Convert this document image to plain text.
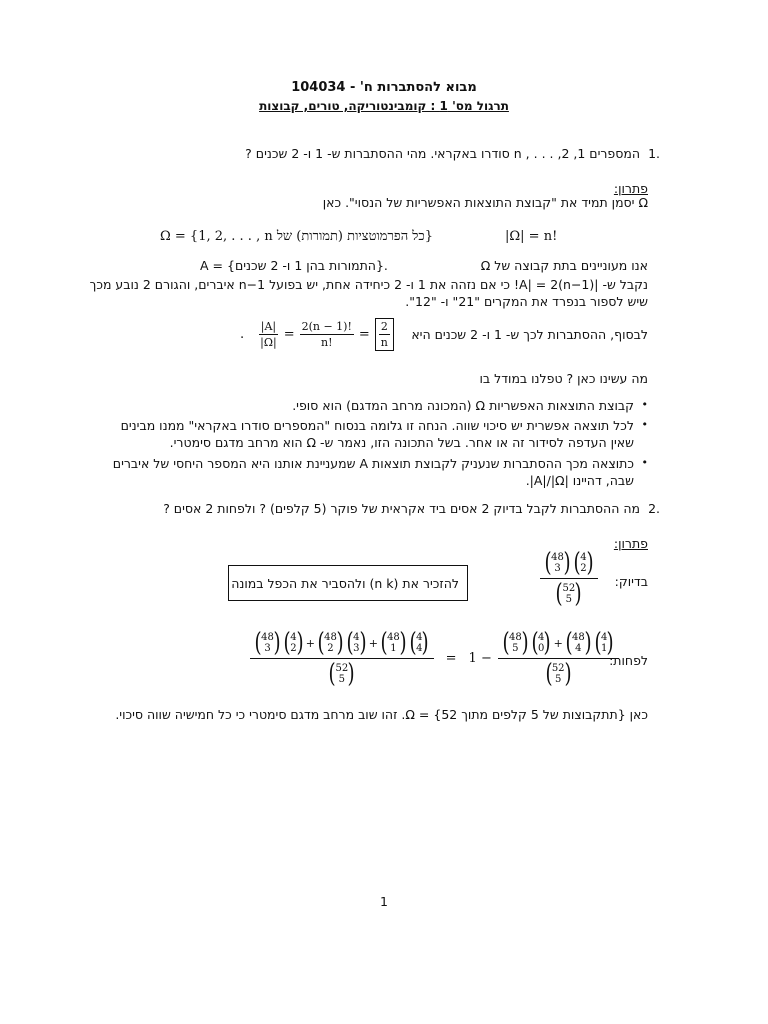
מבוא להסתברות ח' - 104034
תרגול מס' 1 : קומבינטוריקה, טורים, קבוצות
1.
המספרים 1, 2, . . . , n סודרו באקראי. מהי ההסתברות ש- 1 ו- 2 שכנים ?
פתרון:
Ω יסמן תמיד את "קבוצת התוצאות האפשריות של הנסוי". כאן
|Ω| = n!
Ω = {1, 2, . . . , n כל הפרמוטציות (תמורות) של}
אנו מעוניינים בתת קבוצה של Ω
A = {התמורות בהן 1 ו- 2 שכנים}.
נקבל ש- |A| = 2(n−1)! כי אם נזהה את 1 ו- 2 כיחידה אחת, יש בפועל n−1 איברים, והגורם 2 נובע מכך
שיש לספור בנפרד את המקרים "21" ו- "12".
לבסוף, ההסתברות לכך ש- 1 ו- 2 שכנים היא
. $\frac{|A|}{|\Omega|} = \frac{2(n - 1)!}{n!} = \frac{2}{n}$
מה עשינו כאן ? טפלנו במודל בו
•
קבוצת התוצאות האפשריות Ω (המכונה מרחב המדגם) הוא סופי.
•
לכל תוצאה אפשרית יש סיכוי שווה. הנחה זו גלומה בנסוח "המספרים סודרו באקראי" ממנו מבינים
שאין העדפה לסידור זה או אחר. בשל התכונה הזו, נאמר ש- Ω הוא מרחב מדגם סימטרי.
•
כתוצאה מכך ההסתברות שנעניק לקבוצת תוצאות A שמעניינת אותנו היא המספר היחסי של איברים
שבה, דהיינו |A|/|Ω|.
2.
מה ההסתברות לקבל בדיוק 2 אסים ביד אקראית של פוקר (5 קלפים) ? ולפחות 2 אסים ?
פתרון:
בדיוק:
( 48
3 ) ( 4
2 )
( 52
5 )
להזכיר את (n k) ולהסביר את הכפל במונה
לפחות:
( 48
3 ) ( 4
2 ) + ( 48
2 ) ( 4
3 ) + ( 48
1 ) ( 4
4 )
( 52
5 ) = 1 − ( 48
5 ) ( 4
0 ) + ( 48
4 ) ( 4
1 )
( 52
5 )
כאן {תתקבוצות של 5 קלפים מתוך 52} = Ω. זהו שוב מרחב מדגם סימטרי כי כל חמישיה שווה סיכוי.
1
